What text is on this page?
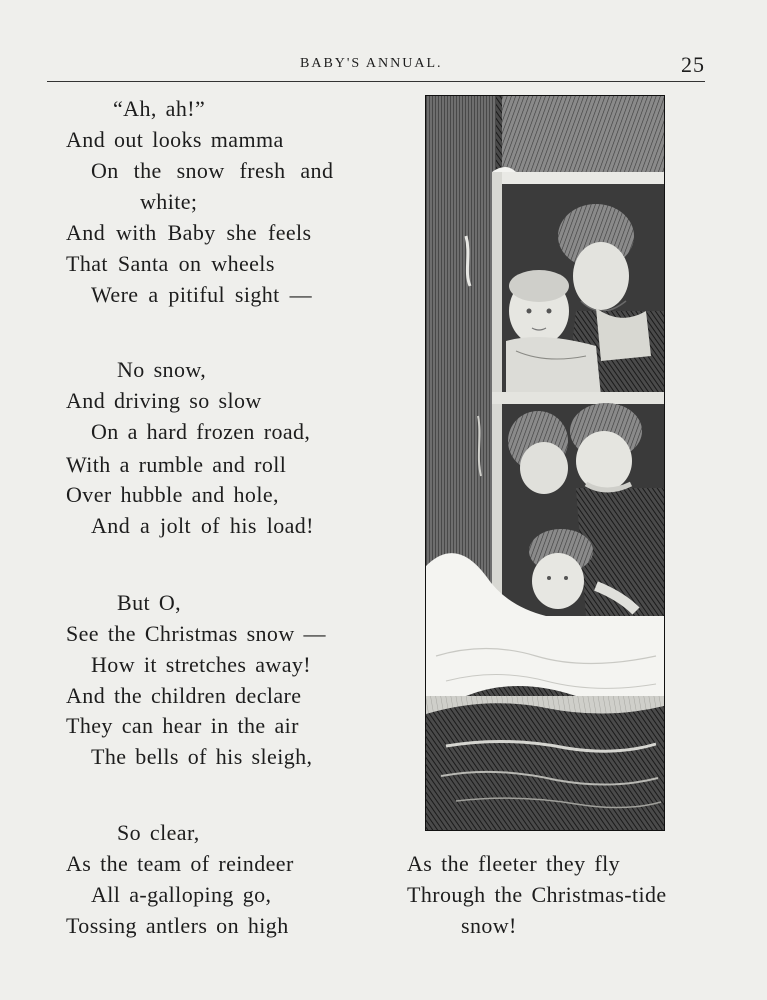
BABY'S ANNUAL.	25
“Ah, ah!”
And out looks mamma
On the snow fresh and
white;
And with Baby she feels
That Santa on wheels
Were a pitiful sight —
No snow,
And driving so slow
On a hard frozen road,
With a rumble and roll
Over hubble and hole,
And a jolt of his load!
But O,
See the Christmas snow —
How it stretches away!
And the children declare
They can hear in the air
The bells of his sleigh,
So clear,
As the team of reindeer
All a-galloping go,
Tossing antlers on high
As the fleeter they fly
Through the Christmas-tide
snow!
